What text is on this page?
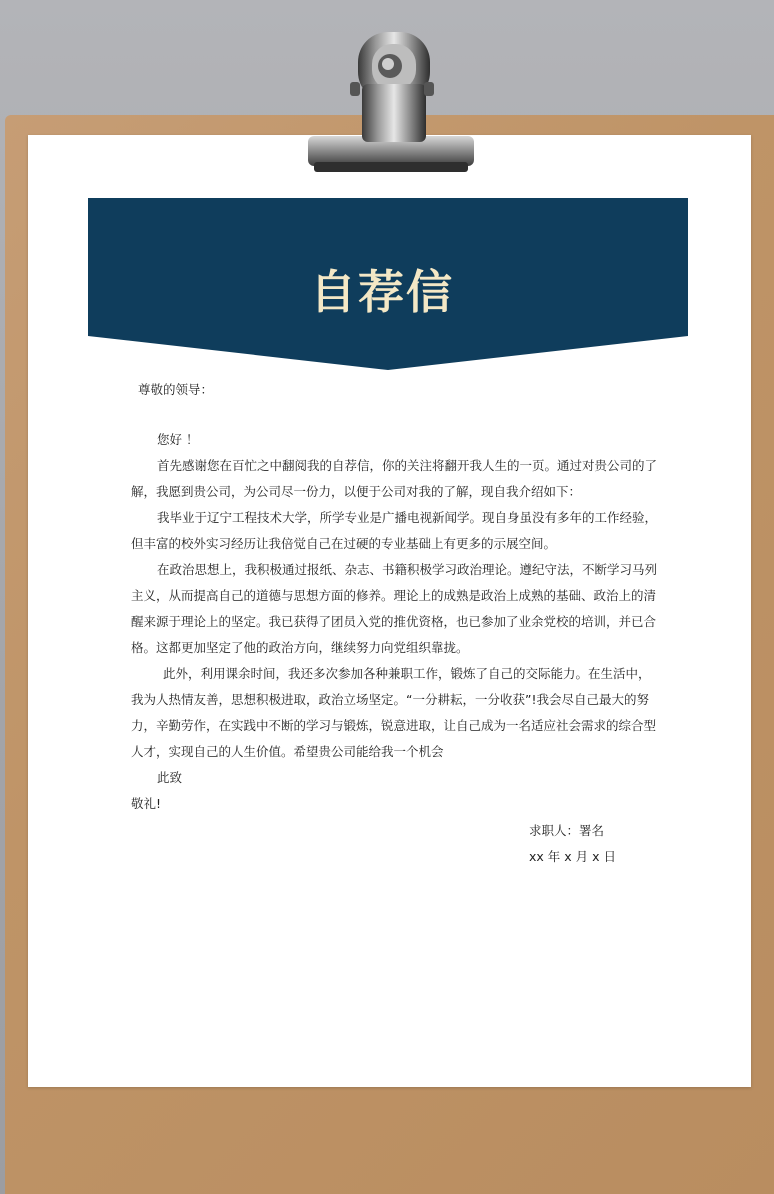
自荐信
尊敬的领导：
您好 ！
首先感谢您在百忙之中翻阅我的自荐信，你的关注将翻开我人生的一页。通过对贵公司的了
解，我愿到贵公司，为公司尽一份力，以便于公司对我的了解，现自我介绍如下：
我毕业于辽宁工程技术大学，所学专业是广播电视新闻学。现自身虽没有多年的工作经验，
但丰富的校外实习经历让我倍觉自己在过硬的专业基础上有更多的示展空间。
在政治思想上，我积极通过报纸、杂志、书籍积极学习政治理论。遵纪守法，不断学习马列
主义，从而提高自己的道德与思想方面的修养。理论上的成熟是政治上成熟的基础、政治上的清
醒来源于理论上的坚定。我已获得了团员入党的推优资格，也已参加了业余党校的培训，并已合
格。这都更加坚定了他的政治方向，继续努力向党组织靠拢。
此外，利用课余时间，我还多次参加各种兼职工作，锻炼了自己的交际能力。在生活中，
我为人热情友善，思想积极进取，政治立场坚定。“一分耕耘，一分收获”!我会尽自己最大的努
力，辛勤劳作，在实践中不断的学习与锻炼，锐意进取，让自己成为一名适应社会需求的综合型
人才，实现自己的人生价值。希望贵公司能给我一个机会
此致
敬礼!
求职人：署名
xx 年 x 月 x 日
